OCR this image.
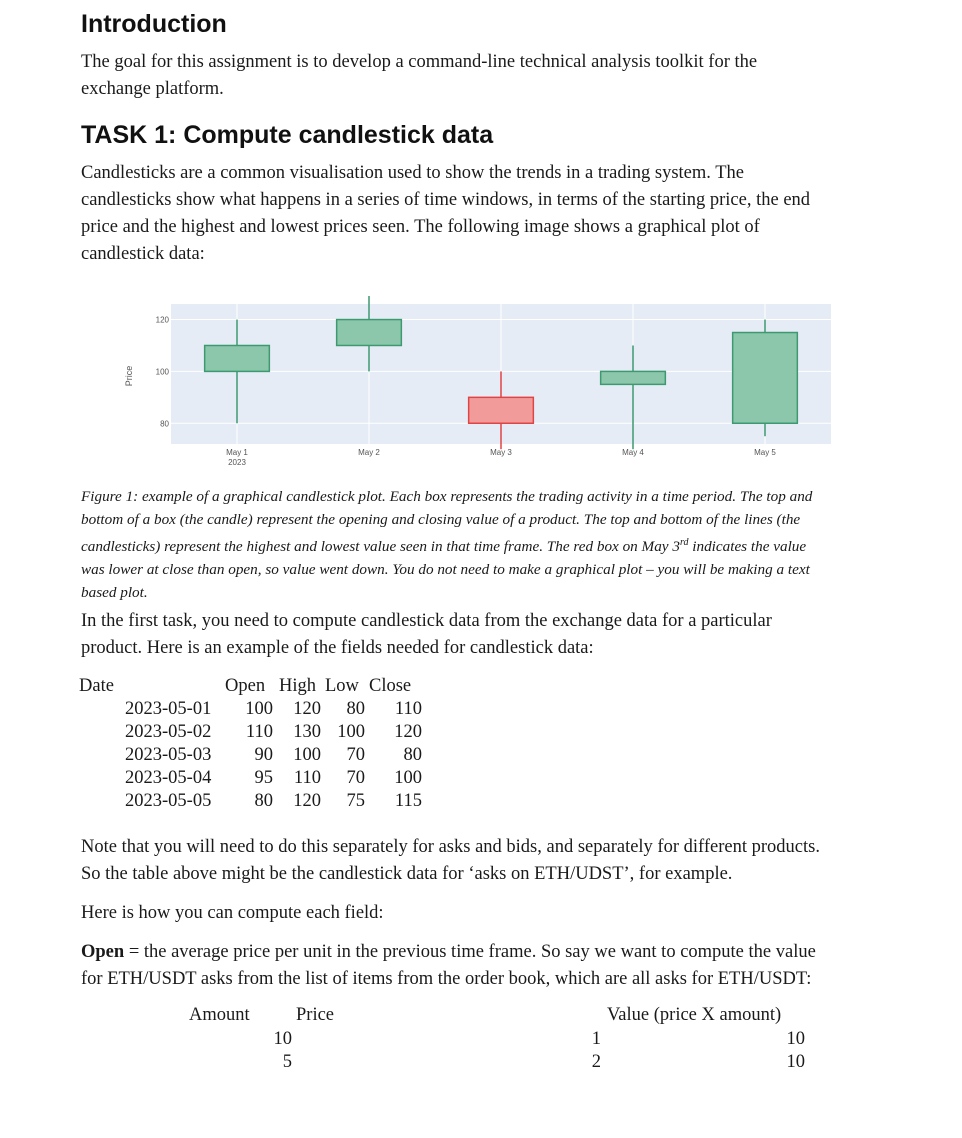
Introduction
The goal for this assignment is to develop a command-line technical analysis toolkit for the
exchange platform.
TASK 1: Compute candlestick data
Candlesticks are a common visualisation used to show the trends in a trading system. The
candlesticks show what happens in a series of time windows, in terms of the starting price, the end
price and the highest and lowest prices seen. The following image shows a graphical plot of
candlestick data:
80
100
120
May 1
2023
May 2	May 3	May 4	May 5
Price
Figure 1: example of a graphical candlestick plot. Each box represents the trading activity in a time period. The top and
bottom of a box (the candle) represent the opening and closing value of a product. The top and bottom of the lines (the
candlesticks) represent the highest and lowest value seen in that time frame. The red box on May 3rd indicates the value
was lower at close than open, so value went down. You do not need to make a graphical plot – you will be making a text
based plot.
In the first task, you need to compute candlestick data from the exchange data for a particular
product. Here is an example of the fields needed for candlestick data:
Date	Open High Low Close
2023-05-01 100 120 80 110
2023-05-02 110 130 100 120
2023-05-03 90 100 70 80
2023-05-04 95 110 70 100
2023-05-05 80 120 75 115
Note that you will need to do this separately for asks and bids, and separately for different products.
So the table above might be the candlestick data for ‘asks on ETH/UDST’, for example.
Here is how you can compute each field:
Open = the average price per unit in the previous time frame. So say we want to compute the value
for ETH/USDT asks from the list of items from the order book, which are all asks for ETH/USDT:
Amount	Price	Value (price X amount)
10	1	10
5	2	10
